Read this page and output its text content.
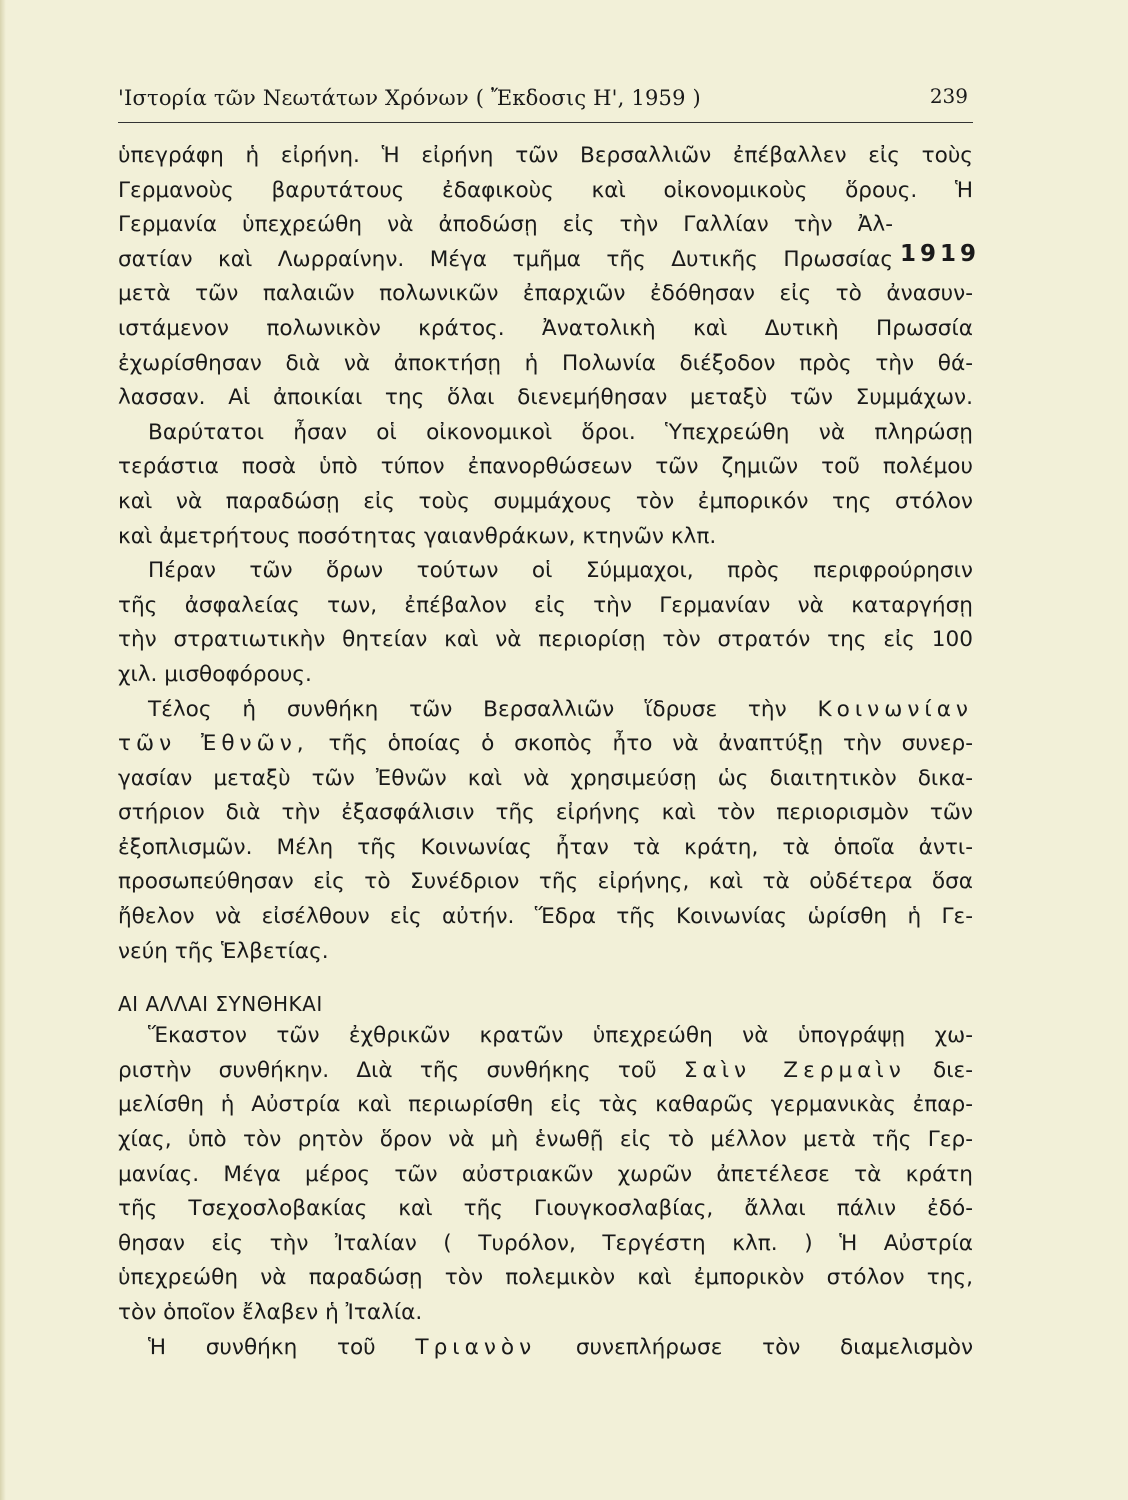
'Ιστορία τῶν Νεωτάτων Χρόνων ( Ἔκδοσις Η', 1959 )	239
1919
ὑπεγράφη ἡ εἰρήνη. Ἡ εἰρήνη τῶν Βερσαλλιῶν ἐπέβαλλεν εἰς τοὺς
Γερμανοὺς βαρυτάτους ἐδαφικοὺς καὶ οἰκονομικοὺς ὅρους. Ἡ
Γερμανία ὑπεχρεώθη νὰ ἀποδώσῃ εἰς τὴν Γαλλίαν τὴν Ἀλ-
σατίαν καὶ Λωρραίνην. Μέγα τμῆμα τῆς Δυτικῆς Πρωσσίας
μετὰ τῶν παλαιῶν πολωνικῶν ἐπαρχιῶν ἐδόθησαν εἰς τὸ ἀνασυν-
ιστάμενον πολωνικὸν κράτος. Ἀνατολικὴ καὶ Δυτικὴ Πρωσσία
ἐχωρίσθησαν διὰ νὰ ἀποκτήσῃ ἡ Πολωνία διέξοδον πρὸς τὴν θά-
λασσαν. Αἱ ἀποικίαι της ὅλαι διενεμήθησαν μεταξὺ τῶν Συμμάχων.
Βαρύτατοι ἦσαν οἱ οἰκονομικοὶ ὅροι. Ὑπεχρεώθη νὰ πληρώσῃ
τεράστια ποσὰ ὑπὸ τύπον ἐπανορθώσεων τῶν ζημιῶν τοῦ πολέμου
καὶ νὰ παραδώσῃ εἰς τοὺς συμμάχους τὸν ἐμπορικόν της στόλον
καὶ ἀμετρήτους ποσότητας γαιανθράκων, κτηνῶν κλπ.
Πέραν τῶν ὅρων τούτων οἱ Σύμμαχοι, πρὸς περιφρούρησιν
τῆς ἀσφαλείας των, ἐπέβαλον εἰς τὴν Γερμανίαν νὰ καταργήσῃ
τὴν στρατιωτικὴν θητείαν καὶ νὰ περιορίσῃ τὸν στρατόν της εἰς 100
χιλ. μισθοφόρους.
Τέλος ἡ συνθήκη τῶν Βερσαλλιῶν ἵδρυσε τὴν Κοινωνίαν
τῶν Ἐθνῶν, τῆς ὁποίας ὁ σκοπὸς ἦτο νὰ ἀναπτύξῃ τὴν συνερ-
γασίαν μεταξὺ τῶν Ἐθνῶν καὶ νὰ χρησιμεύσῃ ὡς διαιτητικὸν δικα-
στήριον διὰ τὴν ἐξασφάλισιν τῆς εἰρήνης καὶ τὸν περιορισμὸν τῶν
ἐξοπλισμῶν. Μέλη τῆς Κοινωνίας ἦταν τὰ κράτη, τὰ ὁποῖα ἀντι-
προσωπεύθησαν εἰς τὸ Συνέδριον τῆς εἰρήνης, καὶ τὰ οὐδέτερα ὅσα
ἤθελον νὰ εἰσέλθουν εἰς αὐτήν. Ἕδρα τῆς Κοινωνίας ὡρίσθη ἡ Γε-
νεύη τῆς Ἑλβετίας.
ΑΙ ΑΛΛΑΙ ΣΥΝΘΗΚΑΙ
Ἕκαστον τῶν ἐχθρικῶν κρατῶν ὑπεχρεώθη νὰ ὑπογράψῃ χω-
ριστὴν συνθήκην. Διὰ τῆς συνθήκης τοῦ Σαὶν Ζερμαὶν διε-
μελίσθη ἡ Αὐστρία καὶ περιωρίσθη εἰς τὰς καθαρῶς γερμανικὰς ἐπαρ-
χίας, ὑπὸ τὸν ρητὸν ὅρον νὰ μὴ ἑνωθῇ εἰς τὸ μέλλον μετὰ τῆς Γερ-
μανίας. Μέγα μέρος τῶν αὐστριακῶν χωρῶν ἀπετέλεσε τὰ κράτη
τῆς Τσεχοσλοβακίας καὶ τῆς Γιουγκοσλαβίας, ἄλλαι πάλιν ἐδό-
θησαν εἰς τὴν Ἰταλίαν ( Τυρόλον, Τεργέστη κλπ. ) Ἡ Αὐστρία
ὑπεχρεώθη νὰ παραδώσῃ τὸν πολεμικὸν καὶ ἐμπορικὸν στόλον της,
τὸν ὁποῖον ἔλαβεν ἡ Ἰταλία.
Ἡ συνθήκη τοῦ Τριανὸν συνεπλήρωσε τὸν διαμελισμὸν
